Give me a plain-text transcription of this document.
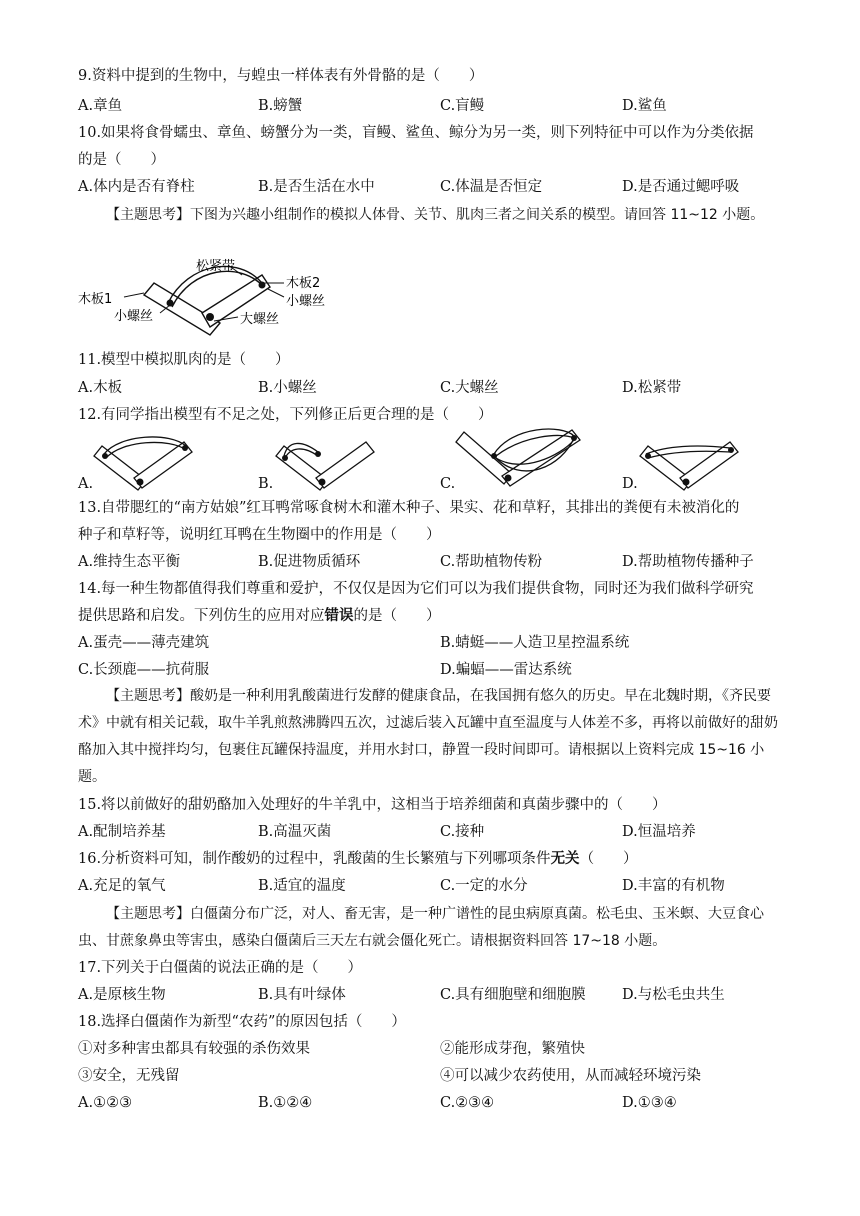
9.资料中提到的生物中，与蝗虫一样体表有外骨骼的是（　　）
A.章鱼	B.螃蟹	C.盲鳗	D.鲨鱼
10.如果将食骨蠕虫、章鱼、螃蟹分为一类，盲鳗、鲨鱼、鲸分为另一类，则下列特征中可以作为分类依据
的是（　　）
A.体内是否有脊柱	B.是否生活在水中	C.体温是否恒定	D.是否通过鳃呼吸
【主题思考】下图为兴趣小组制作的模拟人体骨、关节、肌肉三者之间关系的模型。请回答 11~12 小题。
松紧带
木板2
小螺丝
木板1
小螺丝	大螺丝
11.模型中模拟肌肉的是（　　）
A.木板	B.小螺丝	C.大螺丝	D.松紧带
12.有同学指出模型有不足之处，下列修正后更合理的是（　　）
A.	B.	C.	D.
13.自带腮红的“南方姑娘”红耳鸭常啄食树木和灌木种子、果实、花和草籽，其排出的粪便有未被消化的
种子和草籽等，说明红耳鸭在生物圈中的作用是（　　）
A.维持生态平衡	B.促进物质循环	C.帮助植物传粉	D.帮助植物传播种子
14.每一种生物都值得我们尊重和爱护，不仅仅是因为它们可以为我们提供食物，同时还为我们做科学研究
提供思路和启发。下列仿生的应用对应错误的是（　　）
A.蛋壳——薄壳建筑	B.蜻蜓——人造卫星控温系统
C.长颈鹿——抗荷服	D.蝙蝠——雷达系统
【主题思考】酸奶是一种利用乳酸菌进行发酵的健康食品，在我国拥有悠久的历史。早在北魏时期，《齐民要术》中就有相关记载，取牛羊乳煎熬沸腾四五次，过滤后装入瓦罐中直至温度与人体差不多，再将以前做好的甜奶酪加入其中搅拌均匀，包裹住瓦罐保持温度，并用水封口，静置一段时间即可。请根据以上资料完成 15~16 小题。
15.将以前做好的甜奶酪加入处理好的牛羊乳中，这相当于培养细菌和真菌步骤中的（　　）
A.配制培养基	B.高温灭菌	C.接种	D.恒温培养
16.分析资料可知，制作酸奶的过程中，乳酸菌的生长繁殖与下列哪项条件无关（　　）
A.充足的氧气	B.适宜的温度	C.一定的水分	D.丰富的有机物
【主题思考】白僵菌分布广泛，对人、畜无害，是一种广谱性的昆虫病原真菌。松毛虫、玉米螟、大豆食心虫、甘蔗象鼻虫等害虫，感染白僵菌后三天左右就会僵化死亡。请根据资料回答 17~18 小题。
17.下列关于白僵菌的说法正确的是（　　）
A.是原核生物	B.具有叶绿体	C.具有细胞壁和细胞膜	D.与松毛虫共生
18.选择白僵菌作为新型“农药”的原因包括（　　）
①对多种害虫都具有较强的杀伤效果	②能形成芽孢，繁殖快
③安全，无残留	④可以减少农药使用，从而减轻环境污染
A.①②③	B.①②④	C.②③④	D.①③④
